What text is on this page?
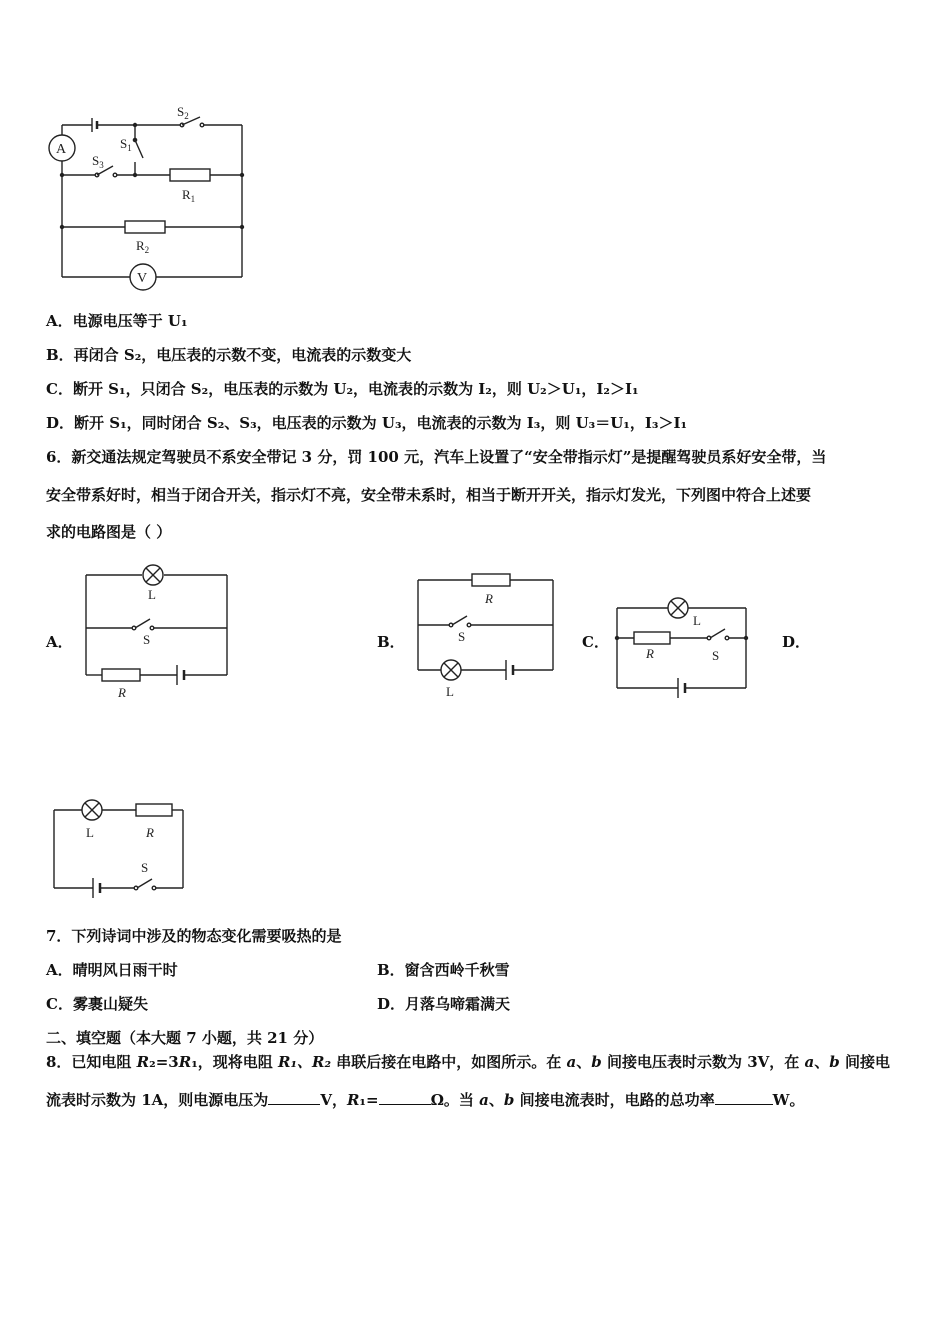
A
V
$S_2$
$S_1$
$S_3$
$R_1$
$R_2$
A．电源电压等于 U₁
B．再闭合 S₂，电压表的示数不变，电流表的示数变大
C．断开 S₁，只闭合 S₂，电压表的示数为 U₂，电流表的示数为 I₂，则 U₂＞U₁，I₂＞I₁
D．断开 S₁，同时闭合 S₂、S₃，电压表的示数为 U₃，电流表的示数为 I₃，则 U₃＝U₁，I₃＞I₁
6．新交通法规定驾驶员不系安全带记 3 分，罚 100 元，汽车上设置了“安全带指示灯”是提醒驾驶员系好安全带，当
安全带系好时，相当于闭合开关，指示灯不亮，安全带未系时，相当于断开开关，指示灯发光，下列图中符合上述要
求的电路图是（ ）
A．	B．	C．	D．
L
S
R
R
S
L
L
R	S
L	R
S
7．下列诗词中涉及的物态变化需要吸热的是
A．晴明风日雨干时	B．窗含西岭千秋雪
C．雾裹山疑失	D．月落乌啼霜满天
二、填空题（本大题 7 小题，共 21 分）
8．已知电阻 R₂=3R₁，现将电阻 R₁、R₂ 串联后接在电路中，如图所示。在 a、b 间接电压表时示数为 3V，在 a、b 间接电
流表时示数为 1A，则电源电压为	V，R₁=	Ω。当 a、b 间接电流表时，电路的总功率	W。
